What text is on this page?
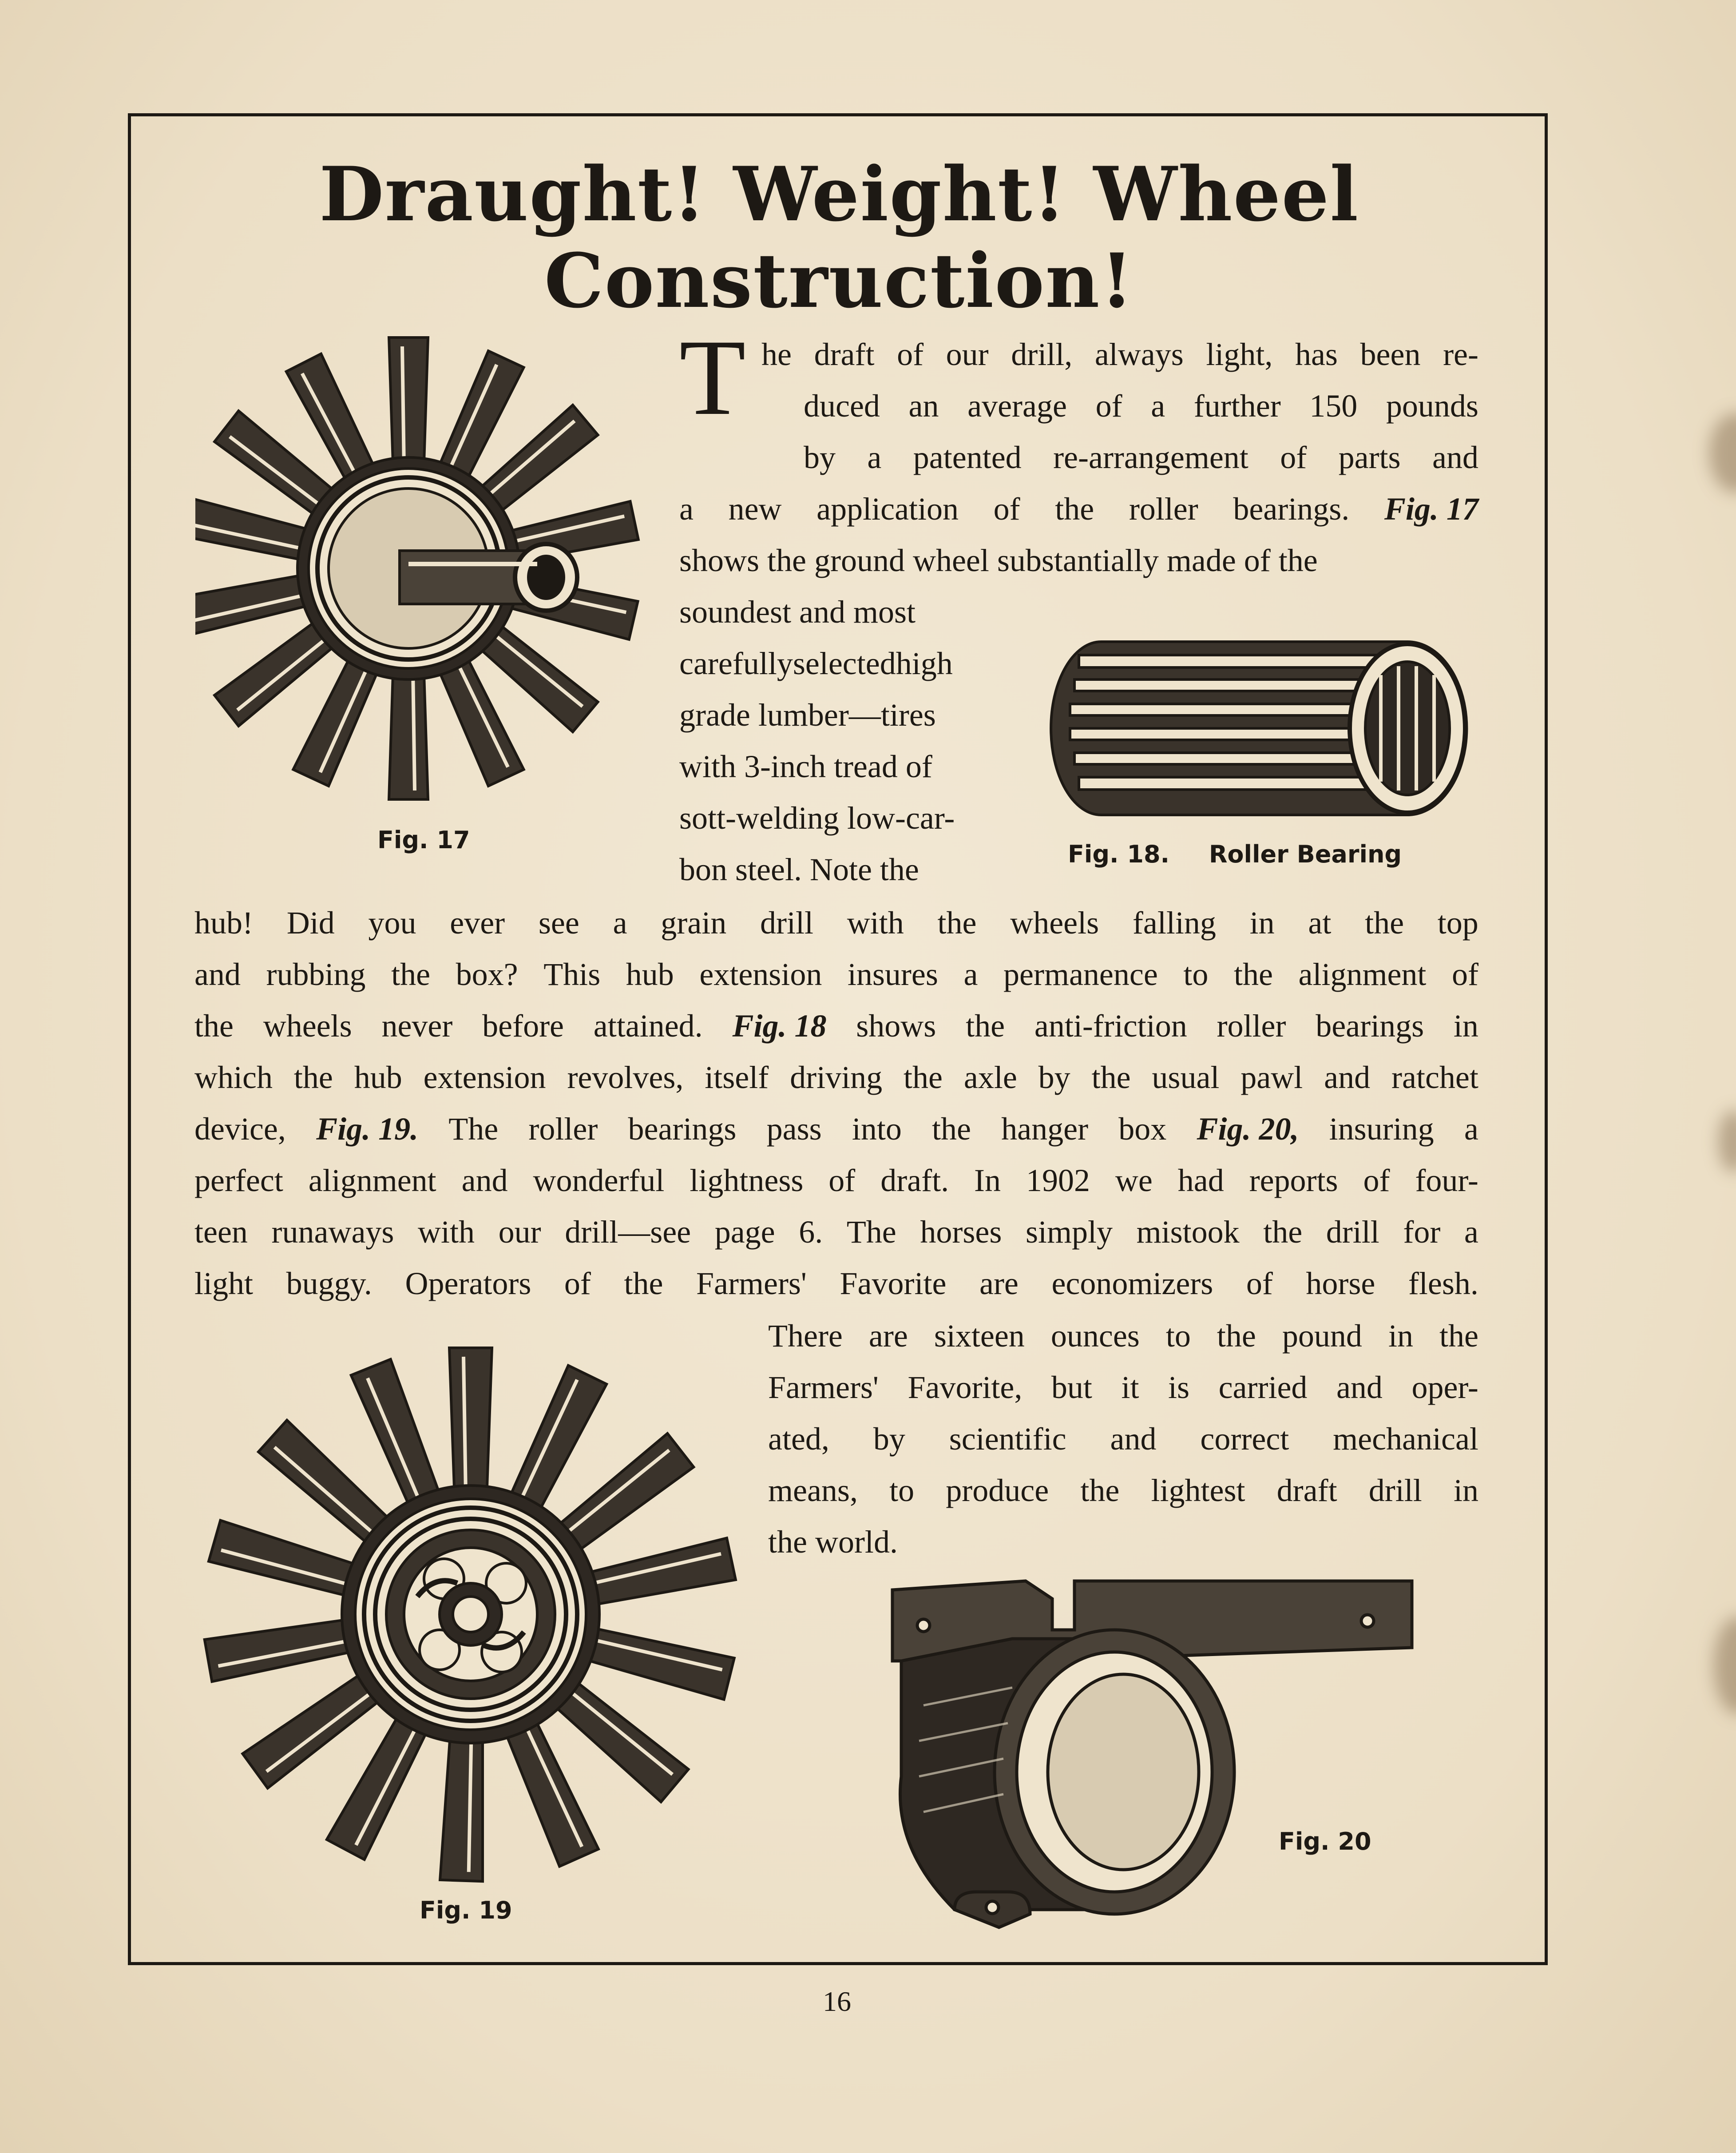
Draught! Weight! Wheel
Construction!
Fig. 17
T he draft of our drill, always light, has been re-
duced an average of a further 150 pounds
by a patented re-arrangement of parts and
a new application of the roller bearings. Fig. 17
shows the ground wheel substantially made of the
soundest and most
carefullyselectedhigh
grade lumber—tires
with 3-inch tread of
sott-welding low-car-
bon steel. Note the	Fig. 18. Roller Bearing
hub! Did you ever see a grain drill with the wheels falling in at the top
and rubbing the box? This hub extension insures a permanence to the alignment of
the wheels never before attained. Fig. 18 shows the anti-friction roller bearings in
which the hub extension revolves, itself driving the axle by the usual pawl and ratchet
device, Fig. 19. The roller bearings pass into the hanger box Fig. 20, insuring a
perfect alignment and wonderful lightness of draft. In 1902 we had reports of four-
teen runaways with our drill—see page 6. The horses simply mistook the drill for a
light buggy. Operators of the Farmers' Favorite are economizers of horse flesh.
There are sixteen ounces to the pound in the
Farmers' Favorite, but it is carried and oper-
ated, by scientific and correct mechanical
means, to produce the lightest draft drill in
the world.
Fig. 19
Fig. 20
16
